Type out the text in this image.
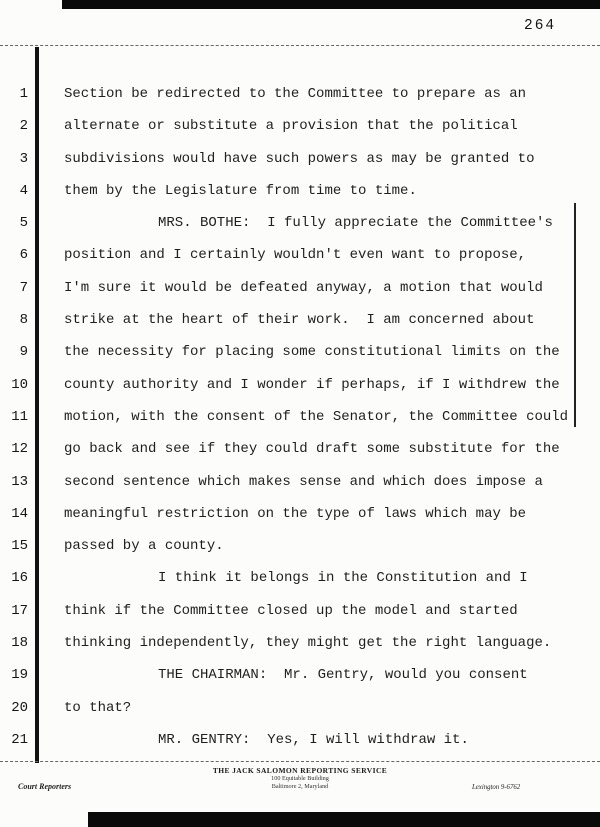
264
1	Section be redirected to the Committee to prepare as an
2	alternate or substitute a provision that the political
3	subdivisions would have such powers as may be granted to
4	them by the Legislature from time to time.
5	MRS. BOTHE:  I fully appreciate the Committee's
6	position and I certainly wouldn't even want to propose,
7	I'm sure it would be defeated anyway, a motion that would
8	strike at the heart of their work.  I am concerned about
9	the necessity for placing some constitutional limits on the
10	county authority and I wonder if perhaps, if I withdrew the
11	motion, with the consent of the Senator, the Committee could
12	go back and see if they could draft some substitute for the
13	second sentence which makes sense and which does impose a
14	meaningful restriction on the type of laws which may be
15	passed by a county.
16	I think it belongs in the Constitution and I
17	think if the Committee closed up the model and started
18	thinking independently, they might get the right language.
19	THE CHAIRMAN:  Mr. Gentry, would you consent
20	to that?
21	MR. GENTRY:  Yes, I will withdraw it.
Court Reporters
THE JACK SALOMON REPORTING SERVICE
100 Equitable Building
Baltimore 2, Maryland	Lexington 9-6762
